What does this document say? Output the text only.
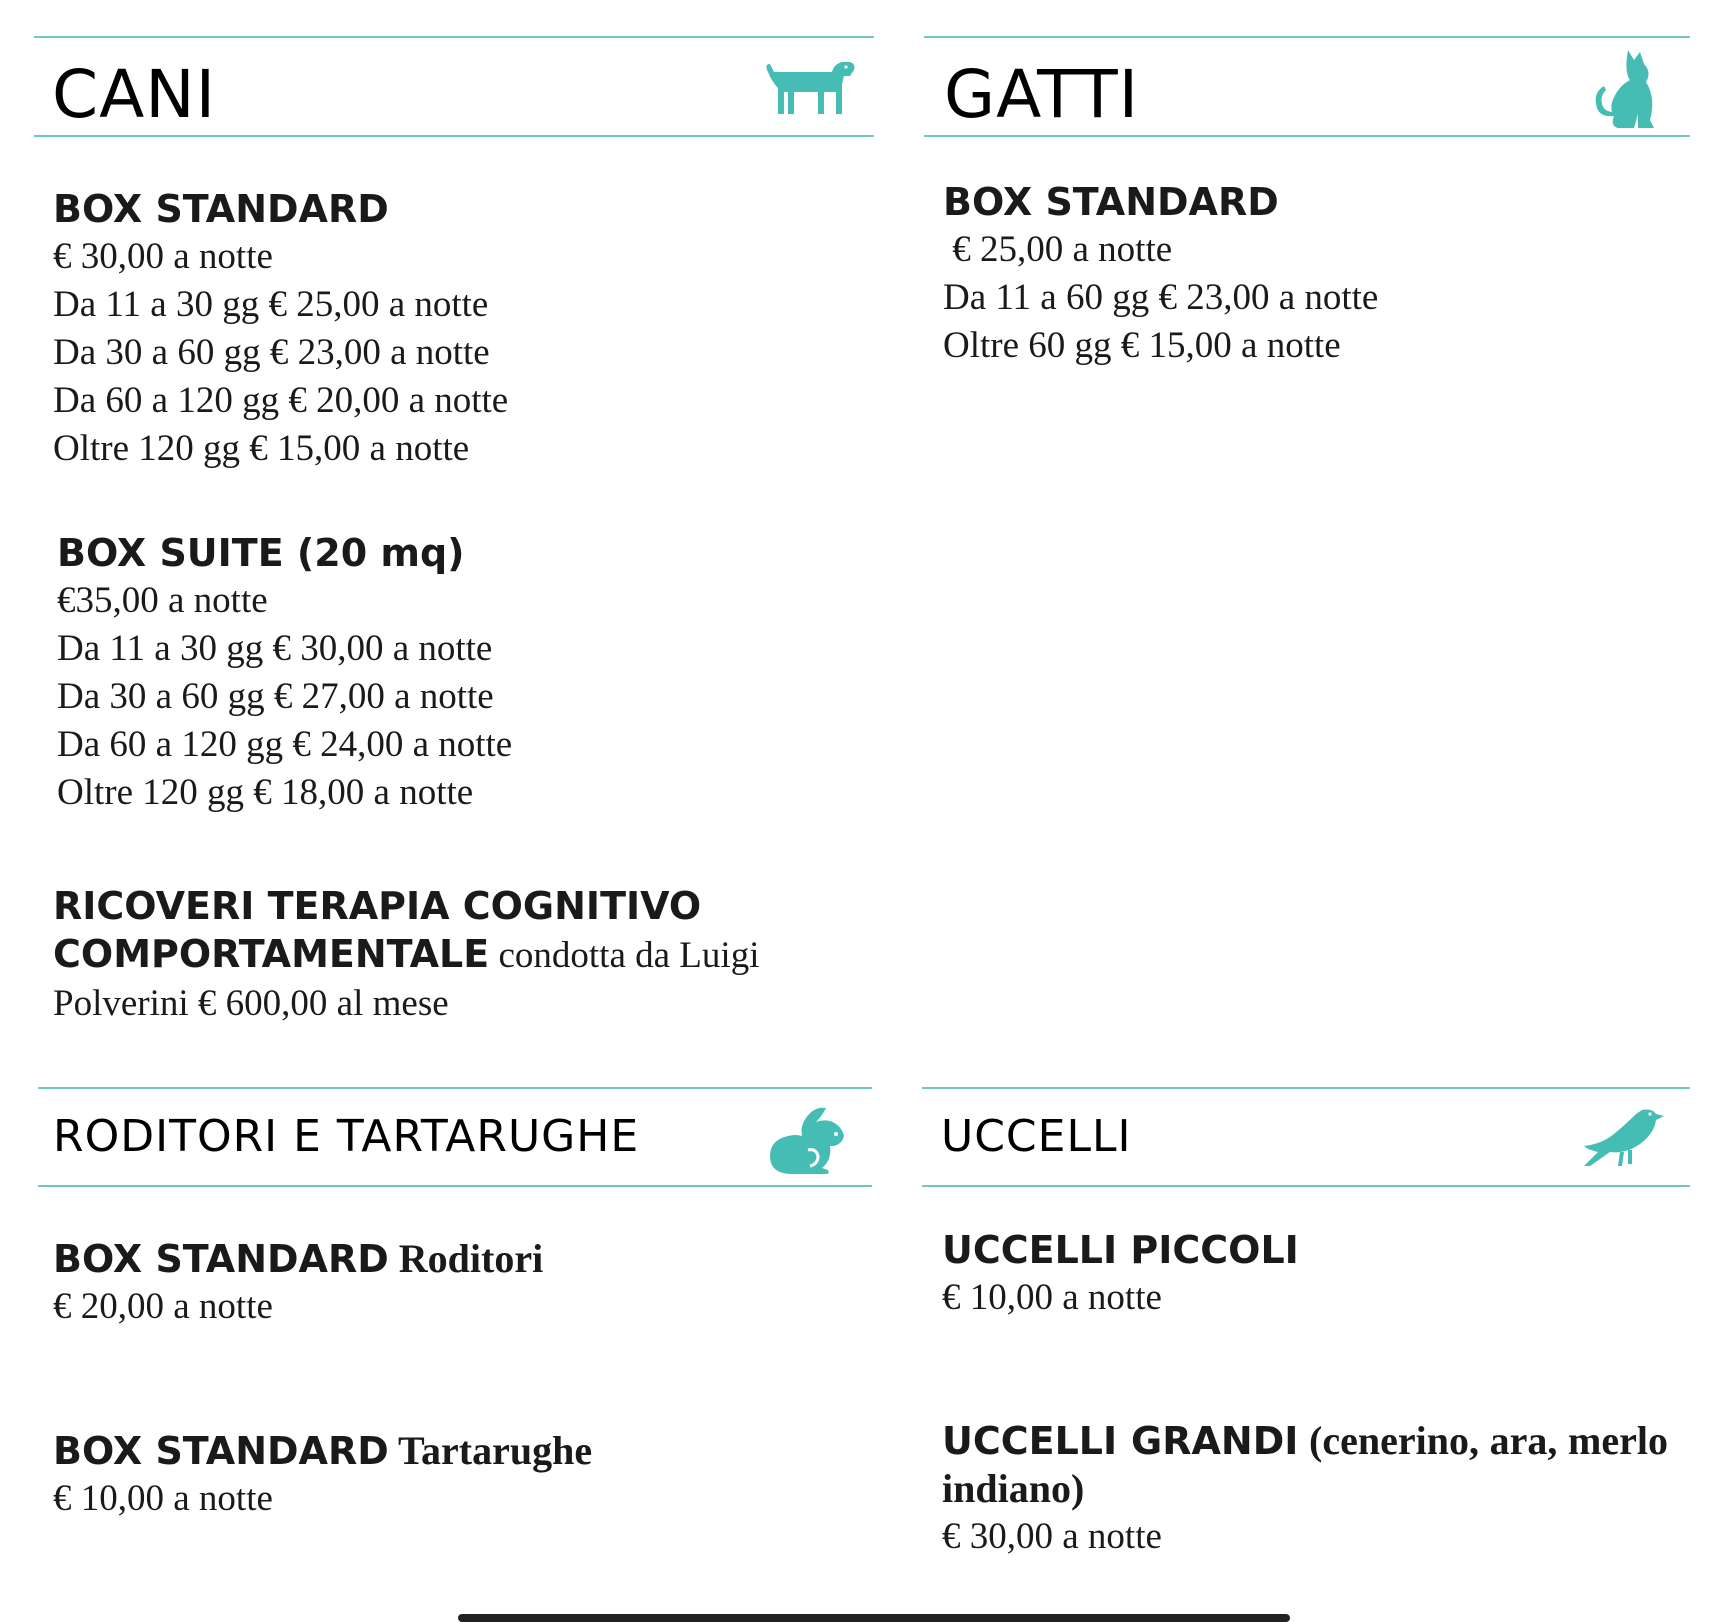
CANI
BOX STANDARD
€ 30,00 a notte
Da 11 a 30 gg € 25,00 a notte
Da 30 a 60 gg € 23,00 a notte
Da 60 a 120 gg € 20,00 a notte
Oltre 120 gg € 15,00 a notte
BOX SUITE (20 mq)
€35,00 a notte
Da 11 a 30 gg € 30,00 a notte
Da 30 a 60 gg € 27,00 a notte
Da 60 a 120 gg € 24,00 a notte
Oltre 120 gg € 18,00 a notte
RICOVERI TERAPIA COGNITIVO
COMPORTAMENTALE condotta da Luigi
Polverini € 600,00 al mese
GATTI
BOX STANDARD
€ 25,00 a notte
Da 11 a 60 gg € 23,00 a notte
Oltre 60 gg € 15,00 a notte
RODITORI E TARTARUGHE
BOX STANDARD Roditori
€ 20,00 a notte
BOX STANDARD Tartarughe
€ 10,00 a notte
UCCELLI
UCCELLI PICCOLI
€ 10,00 a notte
UCCELLI GRANDI (cenerino, ara, merlo indiano)
€ 30,00 a notte
